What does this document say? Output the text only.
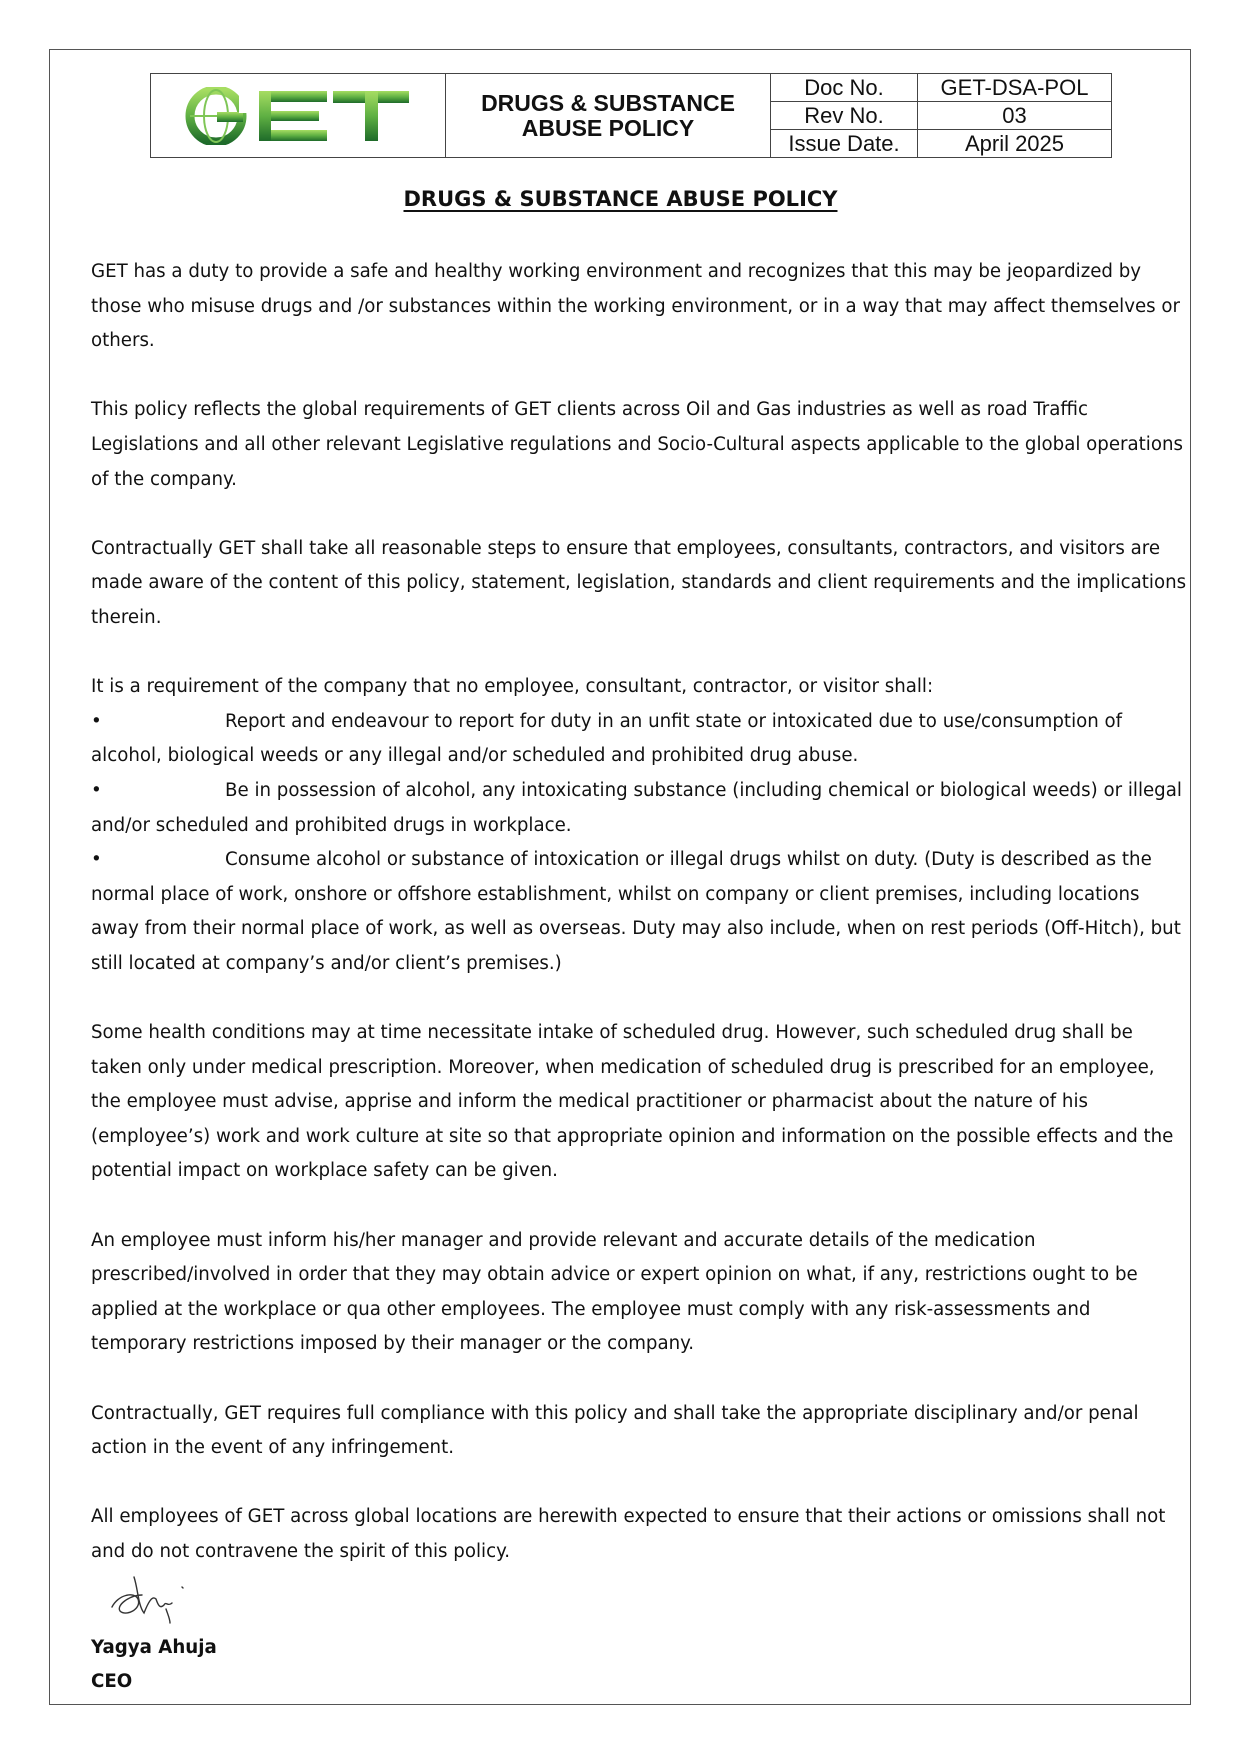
	DRUGS & SUBSTANCE ABUSE POLICY	Doc No.	GET-DSA-POL
		Rev No.	03
		Issue Date.	April 2025
DRUGS & SUBSTANCE ABUSE POLICY

GET has a duty to provide a safe and healthy working environment and recognizes that this may be jeopardized by those who misuse drugs and /or substances within the working environment, or in a way that may affect themselves or others.

This policy reflects the global requirements of GET clients across Oil and Gas industries as well as road Traffic Legislations and all other relevant Legislative regulations and Socio-Cultural aspects applicable to the global operations of the company.

Contractually GET shall take all reasonable steps to ensure that employees, consultants, contractors, and visitors are made aware of the content of this policy, statement, legislation, standards and client requirements and the implications therein.

It is a requirement of the company that no employee, consultant, contractor, or visitor shall:

•	Report and endeavour to report for duty in an unfit state or intoxicated due to use/consumption of alcohol, biological weeds or any illegal and/or scheduled and prohibited drug abuse.
•	Be in possession of alcohol, any intoxicating substance (including chemical or biological weeds) or illegal and/or scheduled and prohibited drugs in workplace.
•	Consume alcohol or substance of intoxication or illegal drugs whilst on duty. (Duty is described as the normal place of work, onshore or offshore establishment, whilst on company or client premises, including locations away from their normal place of work, as well as overseas. Duty may also include, when on rest periods (Off-Hitch), but still located at company’s and/or client’s premises.)

Some health conditions may at time necessitate intake of scheduled drug. However, such scheduled drug shall be taken only under medical prescription. Moreover, when medication of scheduled drug is prescribed for an employee, the employee must advise, apprise and inform the medical practitioner or pharmacist about the nature of his (employee’s) work and work culture at site so that appropriate opinion and information on the possible effects and the potential impact on workplace safety can be given.

An employee must inform his/her manager and provide relevant and accurate details of the medication prescribed/involved in order that they may obtain advice or expert opinion on what, if any, restrictions ought to be applied at the workplace or qua other employees. The employee must comply with any risk-assessments and temporary restrictions imposed by their manager or the company.

Contractually, GET requires full compliance with this policy and shall take the appropriate disciplinary and/or penal action in the event of any infringement.

All employees of GET across global locations are herewith expected to ensure that their actions or omissions shall not and do not contravene the spirit of this policy.

Yagya Ahuja
CEO
